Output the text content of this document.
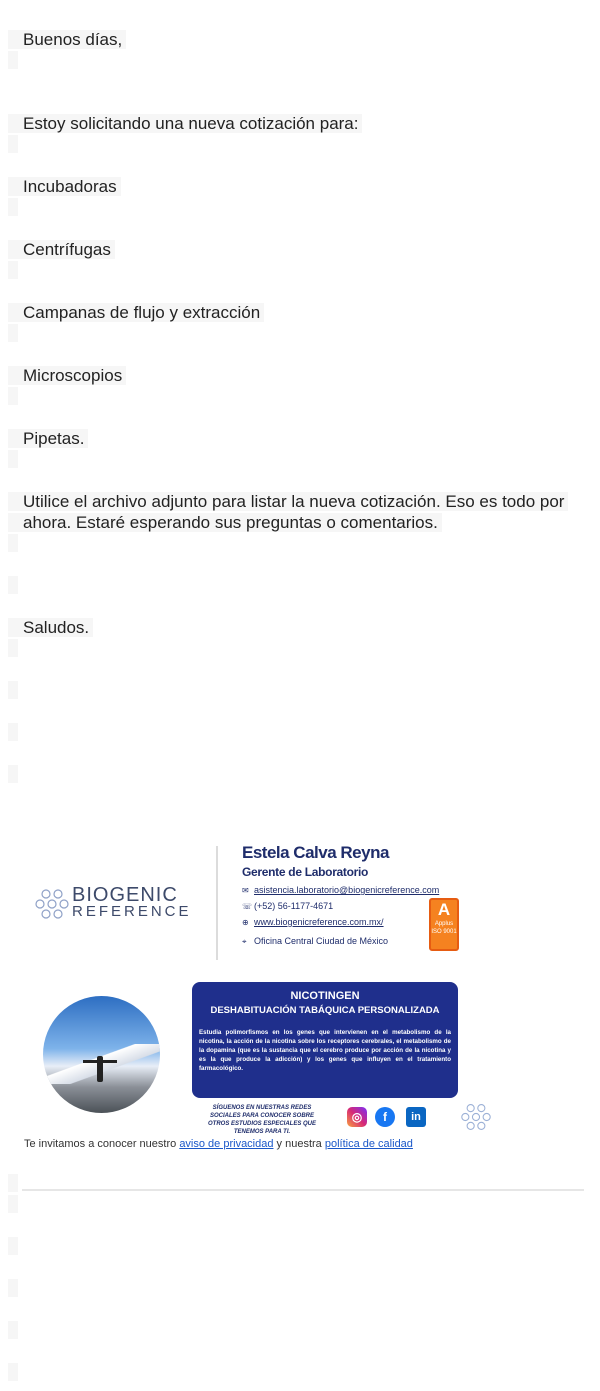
Buenos días,
Estoy solicitando una nueva cotización para:
Incubadoras
Centrífugas
Campanas de flujo y extracción
Microscopios
Pipetas.
Utilice el archivo adjunto para listar la nueva cotización. Eso es todo por ahora. Estaré esperando sus preguntas o comentarios.
Saludos.
BIOGENIC
REFERENCE
Estela Calva Reyna
Gerente de Laboratorio
✉ asistencia.laboratorio@biogenicreference.com
☏ (+52) 56-1177-4671
⊕ www.biogenicreference.com.mx/
⌖ Oficina Central Ciudad de México
A
Applus
ISO 9001
NICOTINGEN
DESHABITUACIÓN TABÁQUICA PERSONALIZADA
Estudia polimorfismos en los genes que intervienen en el metabolismo de la nicotina, la acción de la nicotina sobre los receptores cerebrales, el metabolismo de la dopamina (que es la sustancia que el cerebro produce por acción de la nicotina y es la que produce la adicción) y los genes que influyen en el tratamiento farmacológico.
SÍGUENOS EN NUESTRAS REDES SOCIALES PARA CONOCER SOBRE OTROS ESTUDIOS ESPECIALES QUE TENEMOS PARA TI.
◎	f	in
Te invitamos a conocer nuestro aviso de privacidad y nuestra política de calidad
